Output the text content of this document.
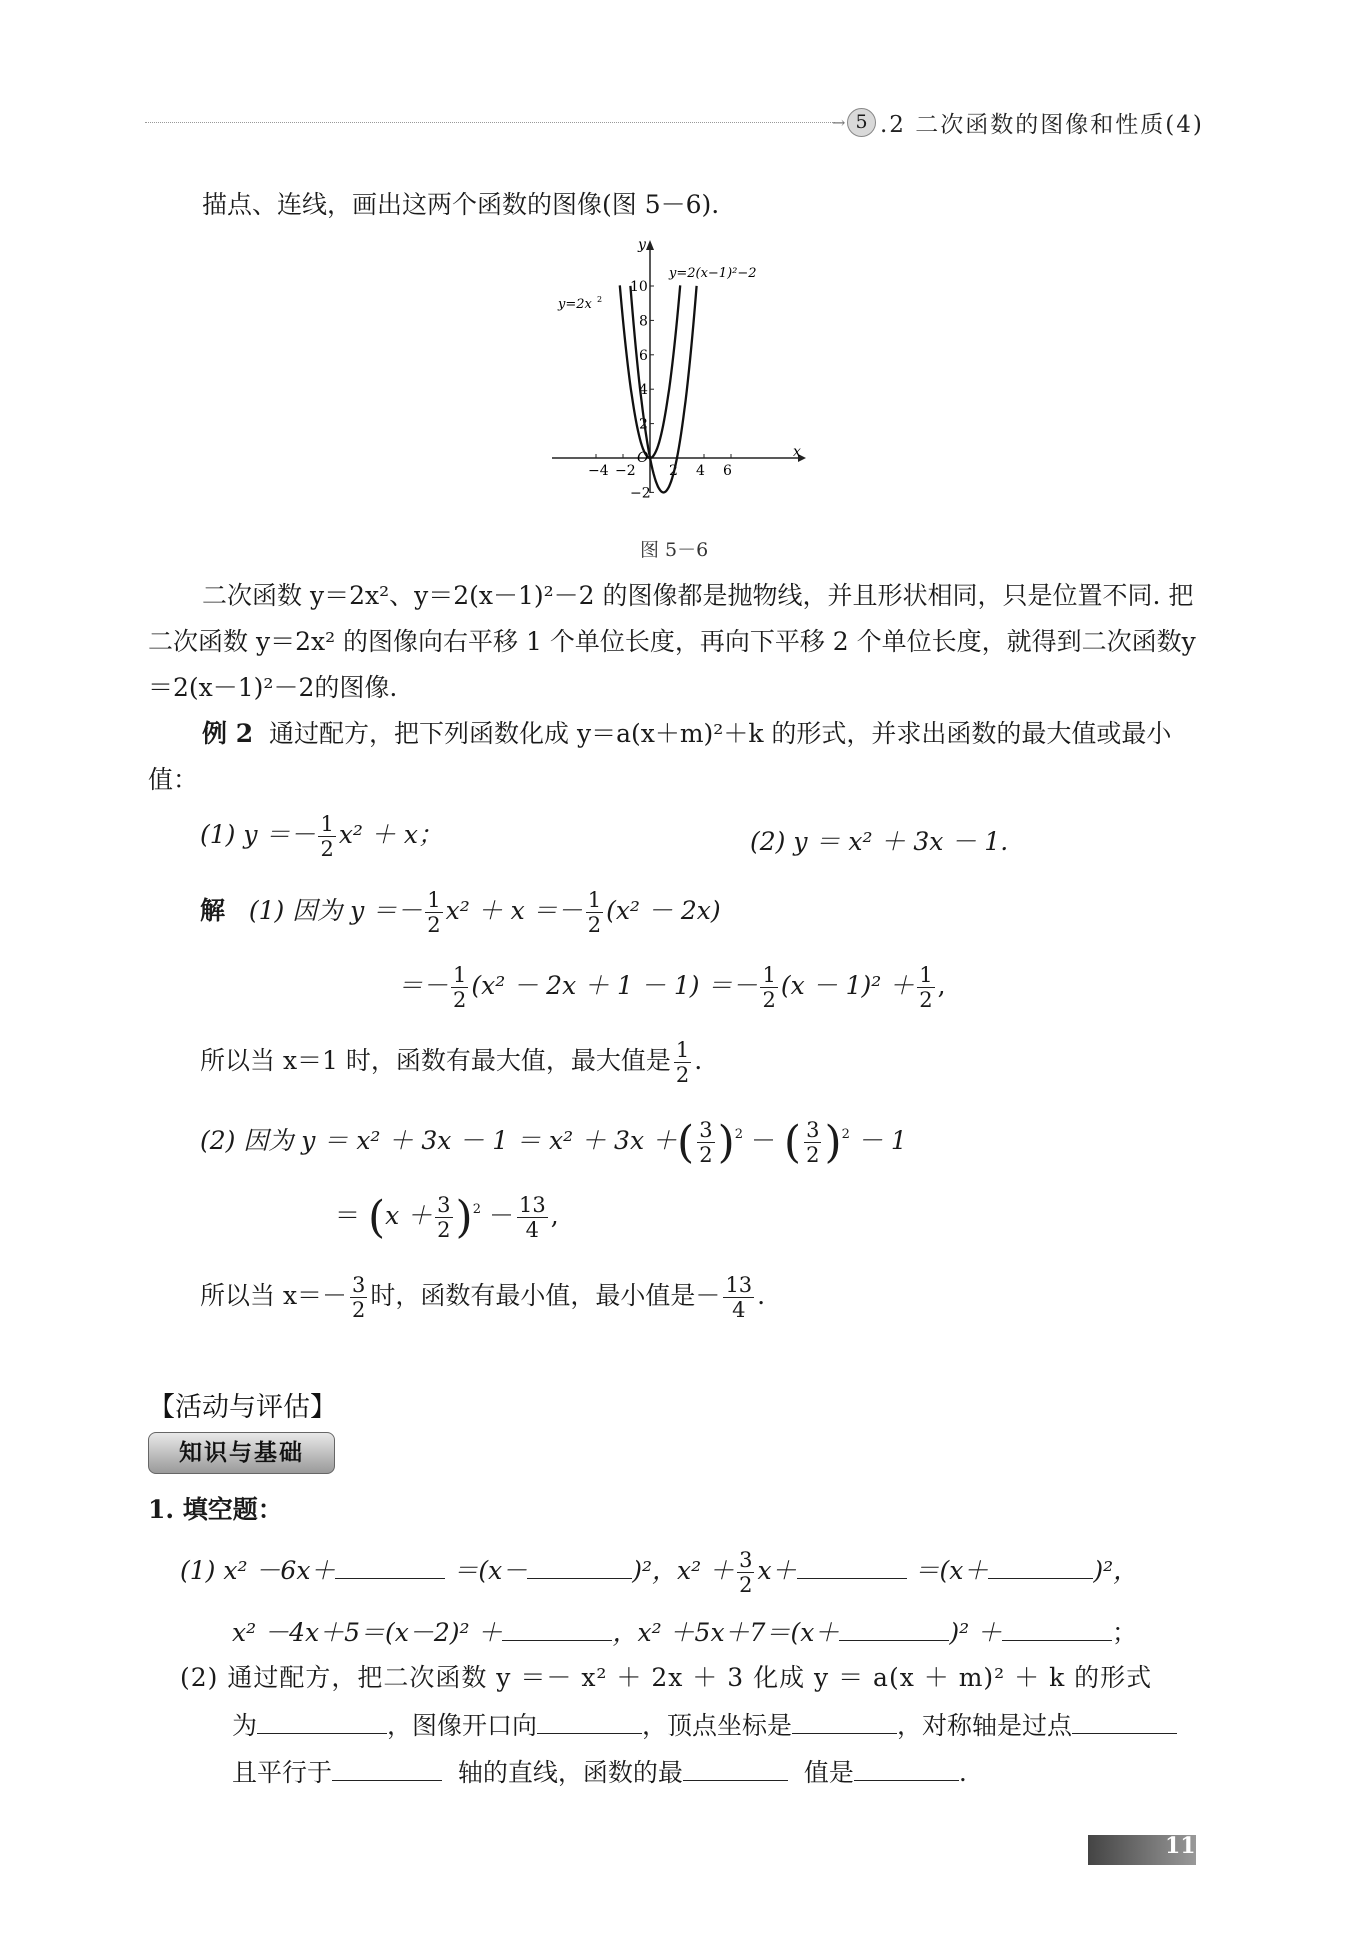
→ 5 .2 二次函数的图像和性质(4)
描点、连线，画出这两个函数的图像(图 5－6).
−4 −2 2 4 6
10
8
6
4
2
−2
O	x
y
y=2x
y=2(x−1)²−2
2
图 5－6
二次函数 y＝2x²、y＝2(x－1)²－2 的图像都是抛物线，并且形状相同，只是位置不同. 把二次函数 y＝2x² 的图像向右平移 1 个单位长度，再向下平移 2 个单位长度，就得到二次函数y＝2(x－1)²－2的图像.
例 2 通过配方，把下列函数化成 y＝a(x＋m)²＋k 的形式，并求出函数的最大值或最小值：
(1) $y =- \frac{1}{2} x^2 + x$；	(2) y ＝ x² ＋ 3x － 1.
解 (1) 因为 $y =- \frac{1}{2} x^2 + x =- \frac{1}{2} (x^2 - 2x)$
＝－ $\frac{1}{2} (x^2 - 2x + 1 - 1) =- \frac{1}{2} (x - 1)^2 + \frac{1}{2}$ ,
所以当 x＝1 时，函数有最大值，最大值是 $\frac{1}{2}$ .
(2) 因为 y ＝ x² ＋ 3x － 1 ＝ x² ＋ 3x ＋( $\frac{3}{2} )^2$ － ( $\frac{3}{2} )^2 - 1$
＝ $(x + \frac{3}{2} )^2 - \frac{13}{4}$ ,
所以当 $x=- \frac{3}{2}$ 时，函数有最小值，最小值是－ $\frac{13}{4}$ .
【活动与评估】
知识与基础
1. 填空题：
(1) x² －6x＋	＝(x－	)²，$x^2 + \frac{3}{2} x+$	＝(x＋	)²，
x² －4x＋5＝(x－2)² ＋	，x² ＋5x＋7＝(x＋	)² ＋	；
(2) 通过配方，把二次函数 y ＝－ x² ＋ 2x ＋ 3 化成 y ＝ a(x ＋ m)² ＋ k 的形式
为	，图像开口向	，顶点坐标是	，对称轴是过点
且平行于	轴的直线，函数的最	值是	.
11
